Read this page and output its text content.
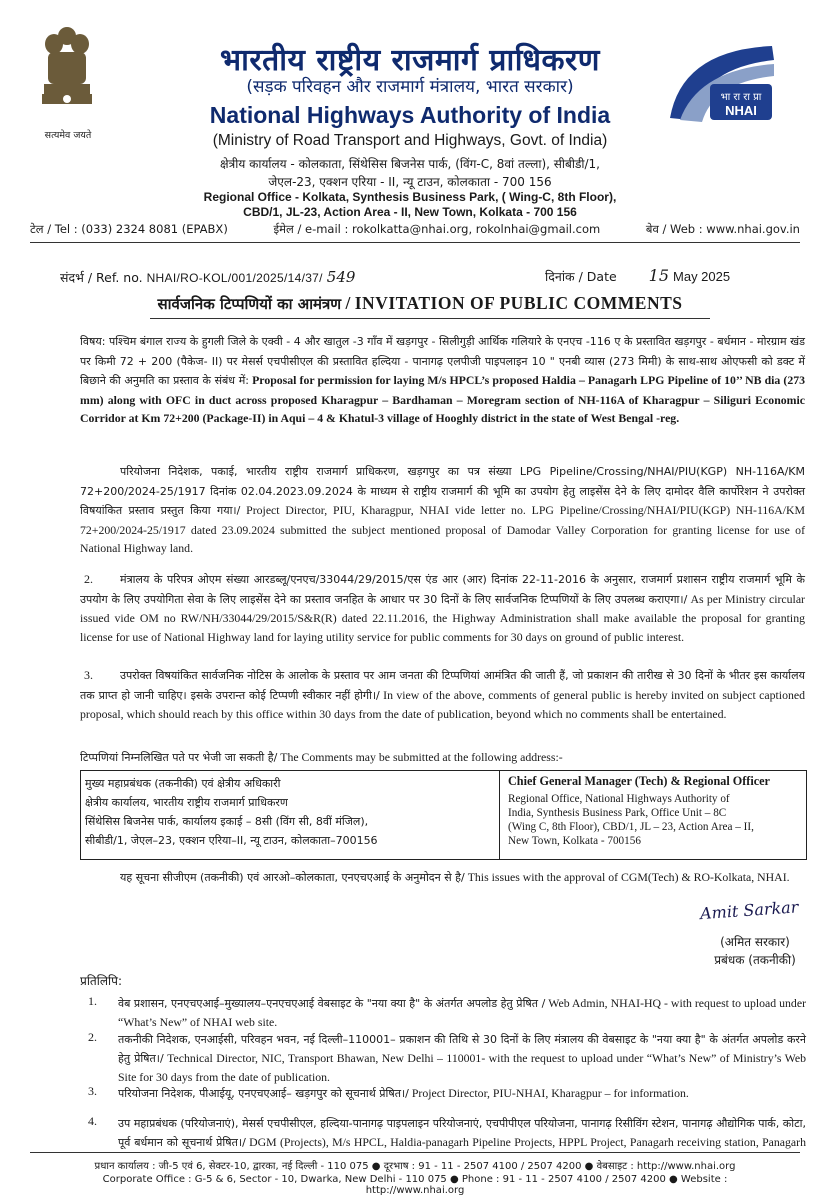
सत्यमेव जयते
भारतीय राष्ट्रीय राजमार्ग प्राधिकरण
(सड़क परिवहन और राजमार्ग मंत्रालय, भारत सरकार)
National Highways Authority of India
(Ministry of Road Transport and Highways, Govt. of India)
भा रा रा प्रा
NHAI
क्षेत्रीय कार्यालय - कोलकाता, सिंथेसिस बिजनेस पार्क, (विंग-C, 8वां तल्ला), सीबीडी/1,
जेएल-23, एक्शन एरिया - II, न्यू टाउन, कोलकाता - 700 156
Regional Office - Kolkata, Synthesis Business Park, ( Wing-C, 8th Floor),
CBD/1, JL-23, Action Area - II, New Town, Kolkata - 700 156
टेल / Tel : (033) 2324 8081 (EPABX)	ईमेल / e-mail : rokolkatta@nhai.org, rokolnhai@gmail.com	बेव / Web : www.nhai.gov.in
संदर्भ / Ref. no. NHAI/RO-KOL/001/2025/14/37/ 549	दिनांक / Date 15 May 2025
सार्वजनिक टिप्पणियों का आमंत्रण / INVITATION OF PUBLIC COMMENTS
विषय: पश्चिम बंगाल राज्य के हुगली जिले के एक्वी - 4 और खातुल -3 गाँव में खड़गपुर - सिलीगुड़ी आर्थिक गलियारे के एनएच -116 ए के प्रस्तावित खड़गपुर - बर्धमान - मोरग्राम खंड पर किमी 72 + 200 (पैकेज- II) पर मेसर्स एचपीसीएल की प्रस्तावित हल्दिया - पानागढ़ एलपीजी पाइपलाइन 10 " एनबी व्यास (273 मिमी) के साथ-साथ ओएफसी को डक्ट में बिछाने की अनुमति का प्रस्ताव के संबंध में: Proposal for permission for laying M/s HPCL’s proposed Haldia – Panagarh LPG Pipeline of 10’’ NB dia (273 mm) along with OFC in duct across proposed Kharagpur – Bardhaman – Moregram section of NH-116A of Kharagpur – Siliguri Economic Corridor at Km 72+200 (Package-II) in Aqui – 4 & Khatul-3 village of Hooghly district in the state of West Bengal -reg.
परियोजना निदेशक, पकाई, भारतीय राष्ट्रीय राजमार्ग प्राधिकरण, खड़गपुर का पत्र संख्या LPG Pipeline/Crossing/NHAI/PIU(KGP) NH-116A/KM 72+200/2024-25/1917 दिनांक 02.04.2023.09.2024 के माध्यम से राष्ट्रीय राजमार्ग की भूमि का उपयोग हेतु लाइसेंस देने के लिए दामोदर वैलि कार्पोरेशन ने उपरोक्त विषयांकित प्रस्ताव प्रस्तुत किया गया।/ Project Director, PIU, Kharagpur, NHAI vide letter no. LPG Pipeline/Crossing/NHAI/PIU(KGP) NH-116A/KM 72+200/2024-25/1917 dated 23.09.2024 submitted the subject mentioned proposal of Damodar Valley Corporation for granting license for use of National Highway land.
2.	मंत्रालय के परिपत्र ओएम संख्या आरडब्लू/एनएच/33044/29/2015/एस एंड आर (आर) दिनांक 22-11-2016 के अनुसार, राजमार्ग प्रशासन राष्ट्रीय राजमार्ग भूमि के उपयोग के लिए उपयोगिता सेवा के लिए लाइसेंस देने का प्रस्ताव जनहित के आधार पर 30 दिनों के लिए सार्वजनिक टिप्पणियों के लिए उपलब्ध कराएगा।/ As per Ministry circular issued vide OM no RW/NH/33044/29/2015/S&R(R) dated 22.11.2016, the Highway Administration shall make available the proposal for granting license for use of National Highway land for laying utility service for public comments for 30 days on ground of public interest.
3.	उपरोक्त विषयांकित सार्वजनिक नोटिस के आलोक के प्रस्ताव पर आम जनता की टिप्पणियां आमंत्रित की जाती हैं, जो प्रकाशन की तारीख से 30 दिनों के भीतर इस कार्यालय तक प्राप्त हो जानी चाहिए। इसके उपरान्त कोई टिप्पणी स्वीकार नहीं होगी।/ In view of the above, comments of general public is hereby invited on subject captioned proposal, which should reach by this office within 30 days from the date of publication, beyond which no comments shall be entertained.
टिप्पणियां निम्नलिखित पते पर भेजी जा सकती है/ The Comments may be submitted at the following address:-
मुख्य महाप्रबंधक (तकनीकी) एवं क्षेत्रीय अधिकारी
क्षेत्रीय कार्यालय, भारतीय राष्ट्रीय राजमार्ग प्राधिकरण
सिंथेसिस बिजनेस पार्क, कार्यालय इकाई – 8सी (विंग सी, 8वीं मंजिल),
सीबीडी/1, जेएल–23, एक्शन एरिया–II, न्यू टाउन, कोलकाता–700156
Chief General Manager (Tech) & Regional Officer
Regional Office, National Highways Authority of
India, Synthesis Business Park, Office Unit – 8C
(Wing C, 8th Floor), CBD/1, JL – 23, Action Area – II,
New Town, Kolkata - 700156
यह सूचना सीजीएम (तकनीकी) एवं आरओ–कोलकाता, एनएचएआई के अनुमोदन से है/ This issues with the approval of CGM(Tech) & RO-Kolkata, NHAI.
Amit Sarkar
(अमित सरकार)
प्रबंधक (तकनीकी)
प्रतिलिपि:
1. वेब प्रशासन, एनएचएआई–मुख्यालय–एनएचएआई वेबसाइट के "नया क्या है" के अंतर्गत अपलोड हेतु प्रेषित / Web Admin, NHAI-HQ - with request to upload under “What’s New” of NHAI web site.
2. तकनीकी निदेशक, एनआईसी, परिवहन भवन, नई दिल्ली–110001– प्रकाशन की तिथि से 30 दिनों के लिए मंत्रालय की वेबसाइट के "नया क्या है" के अंतर्गत अपलोड करने हेतु प्रेषित।/ Technical Director, NIC, Transport Bhawan, New Delhi – 110001- with the request to upload under “What’s New” of Ministry’s Web Site for 30 days from the date of publication.
3. परियोजना निदेशक, पीआईयू, एनएचएआई– खड़गपुर को सूचनार्थ प्रेषित।/ Project Director, PIU-NHAI, Kharagpur – for information.
4. उप महाप्रबंधक (परियोजनाएं), मेसर्स एचपीसीएल, हल्दिया-पानागढ़ पाइपलाइन परियोजनाएं, एचपीपीएल परियोजना, पानागढ़ रिसीविंग स्टेशन, पानागढ़ औद्योगिक पार्क, कोटा, पूर्व बर्धमान को सूचनार्थ प्रेषित।/ DGM (Projects), M/s HPCL, Haldia-panagarh Pipeline Projects, HPPL Project, Panagarh receiving station, Panagarh
प्रधान कार्यालय : जी-5 एवं 6, सेक्टर-10, द्वारका, नई दिल्ली - 110 075 ● दूरभाष : 91 - 11 - 2507 4100 / 2507 4200 ● वेबसाइट : http://www.nhai.org
Corporate Office : G-5 & 6, Sector - 10, Dwarka, New Delhi - 110 075 ● Phone : 91 - 11 - 2507 4100 / 2507 4200 ● Website : http://www.nhai.org
